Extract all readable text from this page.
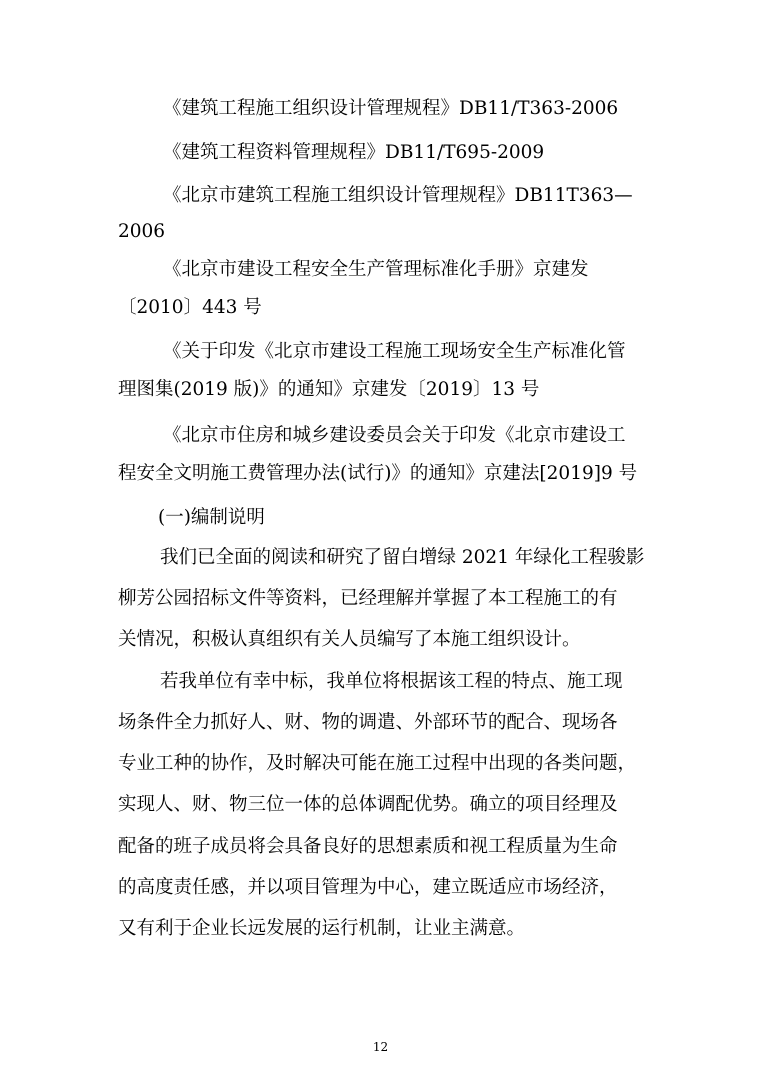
《建筑工程施工组织设计管理规程》DB11/T363-2006
《建筑工程资料管理规程》DB11/T695-2009
《北京市建筑工程施工组织设计管理规程》DB11T363—
2006
《北京市建设工程安全生产管理标准化手册》京建发
〔2010〕443 号
《关于印发《北京市建设工程施工现场安全生产标准化管
理图集(2019 版)》的通知》京建发〔2019〕13 号
《北京市住房和城乡建设委员会关于印发《北京市建设工
程安全文明施工费管理办法(试行)》的通知》京建法[2019]9 号
(一)编制说明
我们已全面的阅读和研究了留白增绿 2021 年绿化工程骏影
柳芳公园招标文件等资料，已经理解并掌握了本工程施工的有
关情况，积极认真组织有关人员编写了本施工组织设计。
若我单位有幸中标，我单位将根据该工程的特点、施工现
场条件全力抓好人、财、物的调遣、外部环节的配合、现场各
专业工种的协作，及时解决可能在施工过程中出现的各类问题，
实现人、财、物三位一体的总体调配优势。确立的项目经理及
配备的班子成员将会具备良好的思想素质和视工程质量为生命
的高度责任感，并以项目管理为中心，建立既适应市场经济，
又有利于企业长远发展的运行机制，让业主满意。
12
